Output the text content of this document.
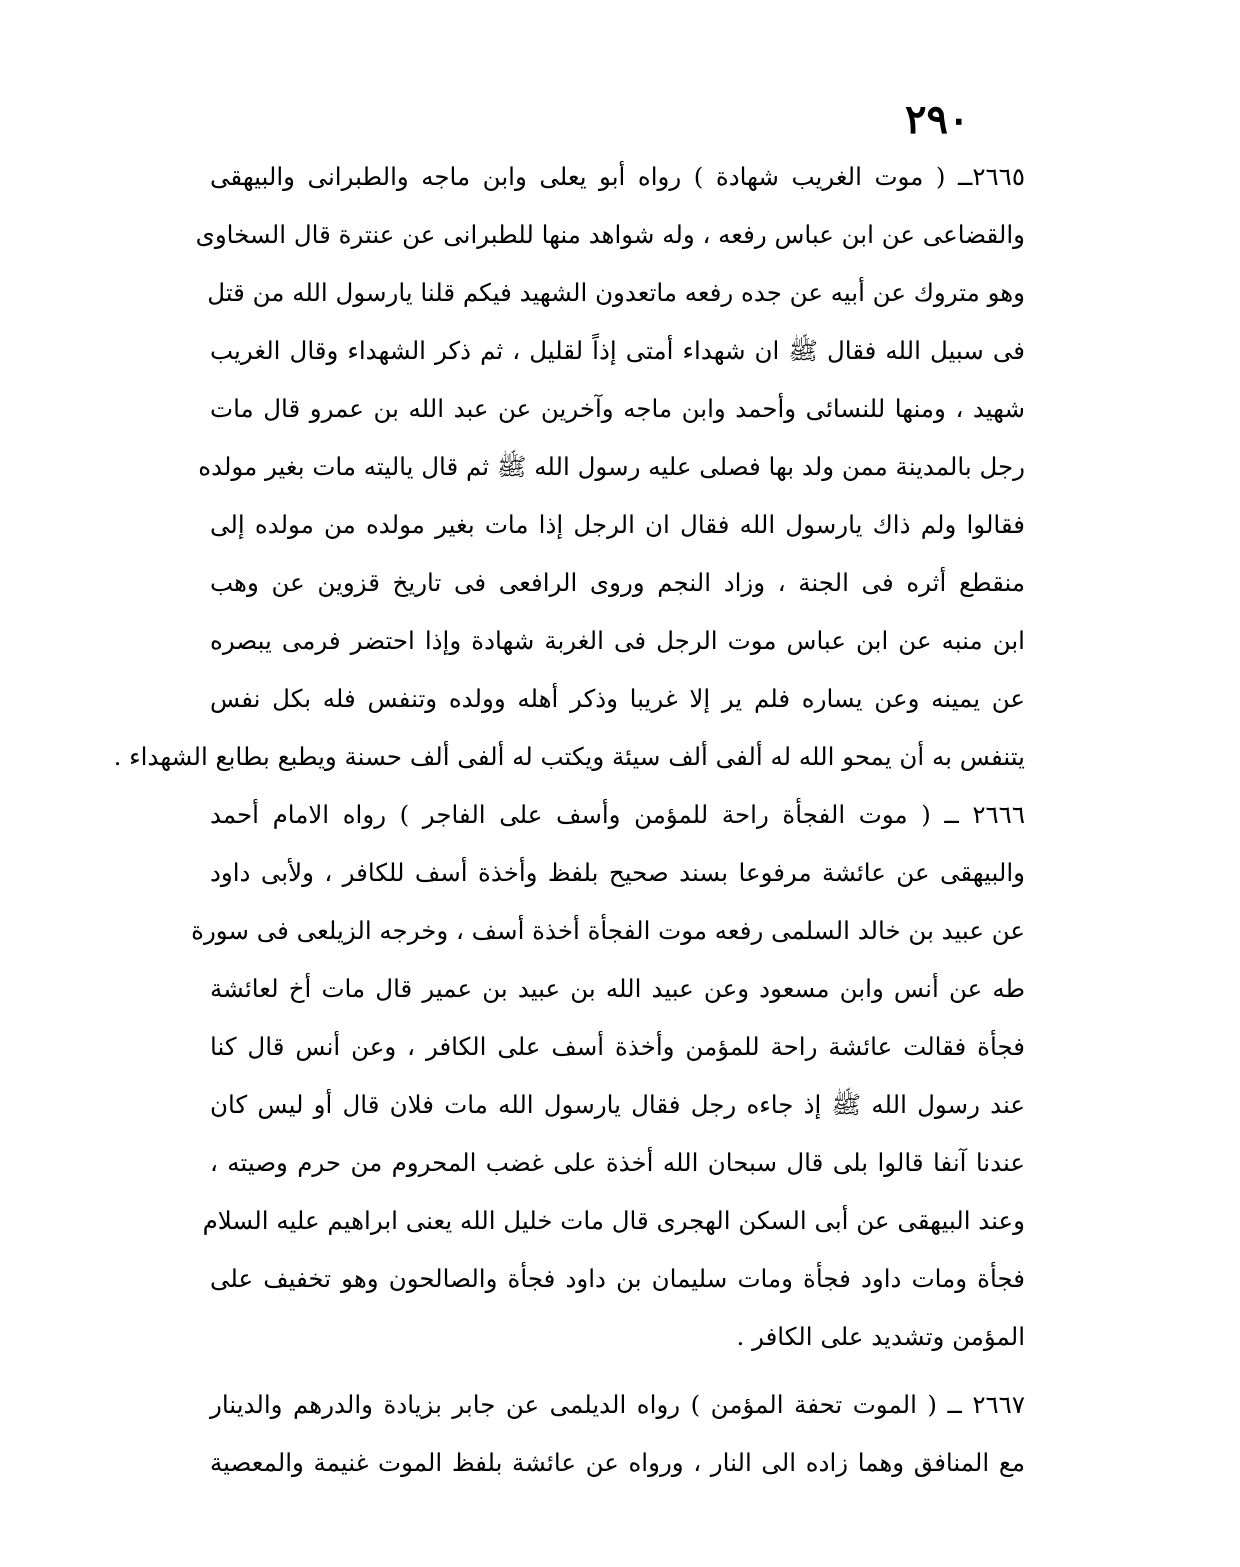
٢٩٠
٢٦٦٥ــ ( موت الغريب شهادة ) رواه أبو يعلى وابن ماجه والطبرانى والبيهقى
والقضاعى عن ابن عباس رفعه ، وله شواهد منها للطبرانى عن عنترة قال السخاوى
وهو متروك عن أبيه عن جده رفعه ماتعدون الشهيد فيكم قلنا يارسول الله من قتل
فى سبيل الله فقال ﷺ ان شهداء أمتى إذاً لقليل ، ثم ذكر الشهداء وقال الغريب
شهيد ، ومنها للنسائى وأحمد وابن ماجه وآخرين عن عبد الله بن عمرو قال مات
رجل بالمدينة ممن ولد بها فصلى عليه رسول الله ﷺ ثم قال ياليته مات بغير مولده
فقالوا ولم ذاك يارسول الله فقال ان الرجل إذا مات بغير مولده من مولده إلى
منقطع أثره فى الجنة ، وزاد النجم وروى الرافعى فى تاريخ قزوين عن وهب
ابن منبه عن ابن عباس موت الرجل فى الغربة شهادة وإذا احتضر فرمى يبصره
عن يمينه وعن يساره فلم ير إلا غريبا وذكر أهله وولده وتنفس فله بكل نفس
يتنفس به أن يمحو الله له ألفى ألف سيئة ويكتب له ألفى ألف حسنة ويطبع بطابع الشهداء .
٢٦٦٦ ــ ( موت الفجأة راحة للمؤمن وأسف على الفاجر ) رواه الامام أحمد
والبيهقى عن عائشة مرفوعا بسند صحيح بلفظ وأخذة أسف للكافر ، ولأبى داود
عن عبيد بن خالد السلمى رفعه موت الفجأة أخذة أسف ، وخرجه الزيلعى فى سورة
طه عن أنس وابن مسعود وعن عبيد الله بن عبيد بن عمير قال مات أخ لعائشة
فجأة فقالت عائشة راحة للمؤمن وأخذة أسف على الكافر ، وعن أنس قال كنا
عند رسول الله ﷺ إذ جاءه رجل فقال يارسول الله مات فلان قال أو ليس كان
عندنا آنفا قالوا بلى قال سبحان الله أخذة على غضب المحروم من حرم وصيته ،
وعند البيهقى عن أبى السكن الهجرى قال مات خليل الله يعنى ابراهيم عليه السلام
فجأة ومات داود فجأة ومات سليمان بن داود فجأة والصالحون وهو تخفيف على
المؤمن وتشديد على الكافر .
٢٦٦٧ ــ ( الموت تحفة المؤمن ) رواه الديلمى عن جابر بزيادة والدرهم والدينار
مع المنافق وهما زاده الى النار ، ورواه عن عائشة بلفظ الموت غنيمة والمعصية
